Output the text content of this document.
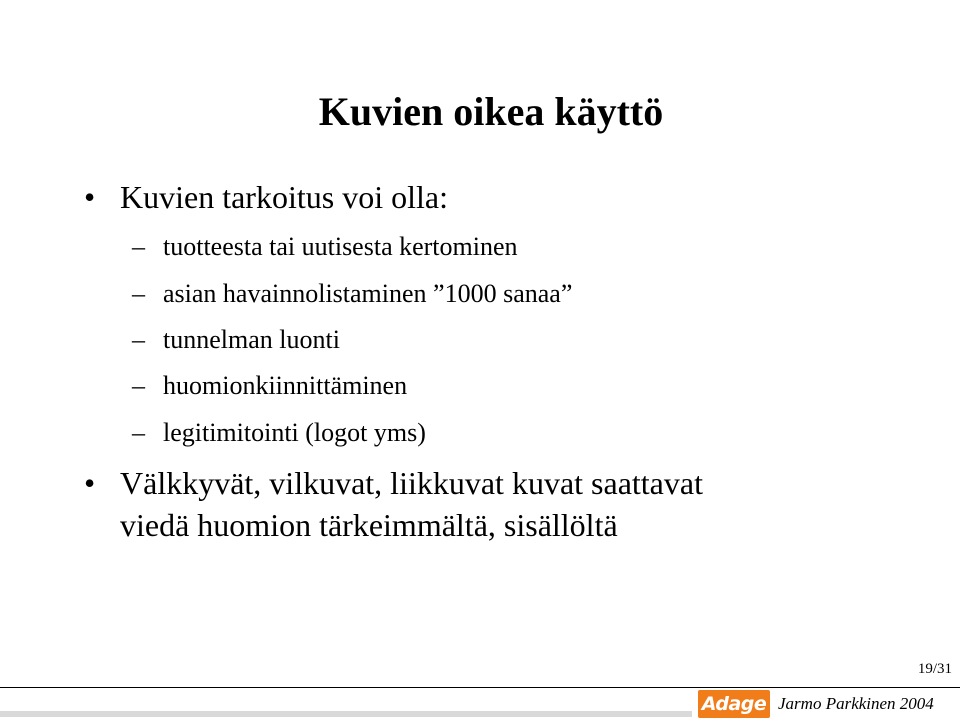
Kuvien oikea käyttö
• Kuvien tarkoitus voi olla:
– tuotteesta tai uutisesta kertominen
– asian havainnolistaminen ”1000 sanaa”
– tunnelman luonti
– huomionkiinnittäminen
– legitimitointi (logot yms)
• Välkkyvät, vilkuvat, liikkuvat kuvat saattavat
viedä huomion tärkeimmältä, sisällöltä
19/31
Adage Jarmo Parkkinen 2004
